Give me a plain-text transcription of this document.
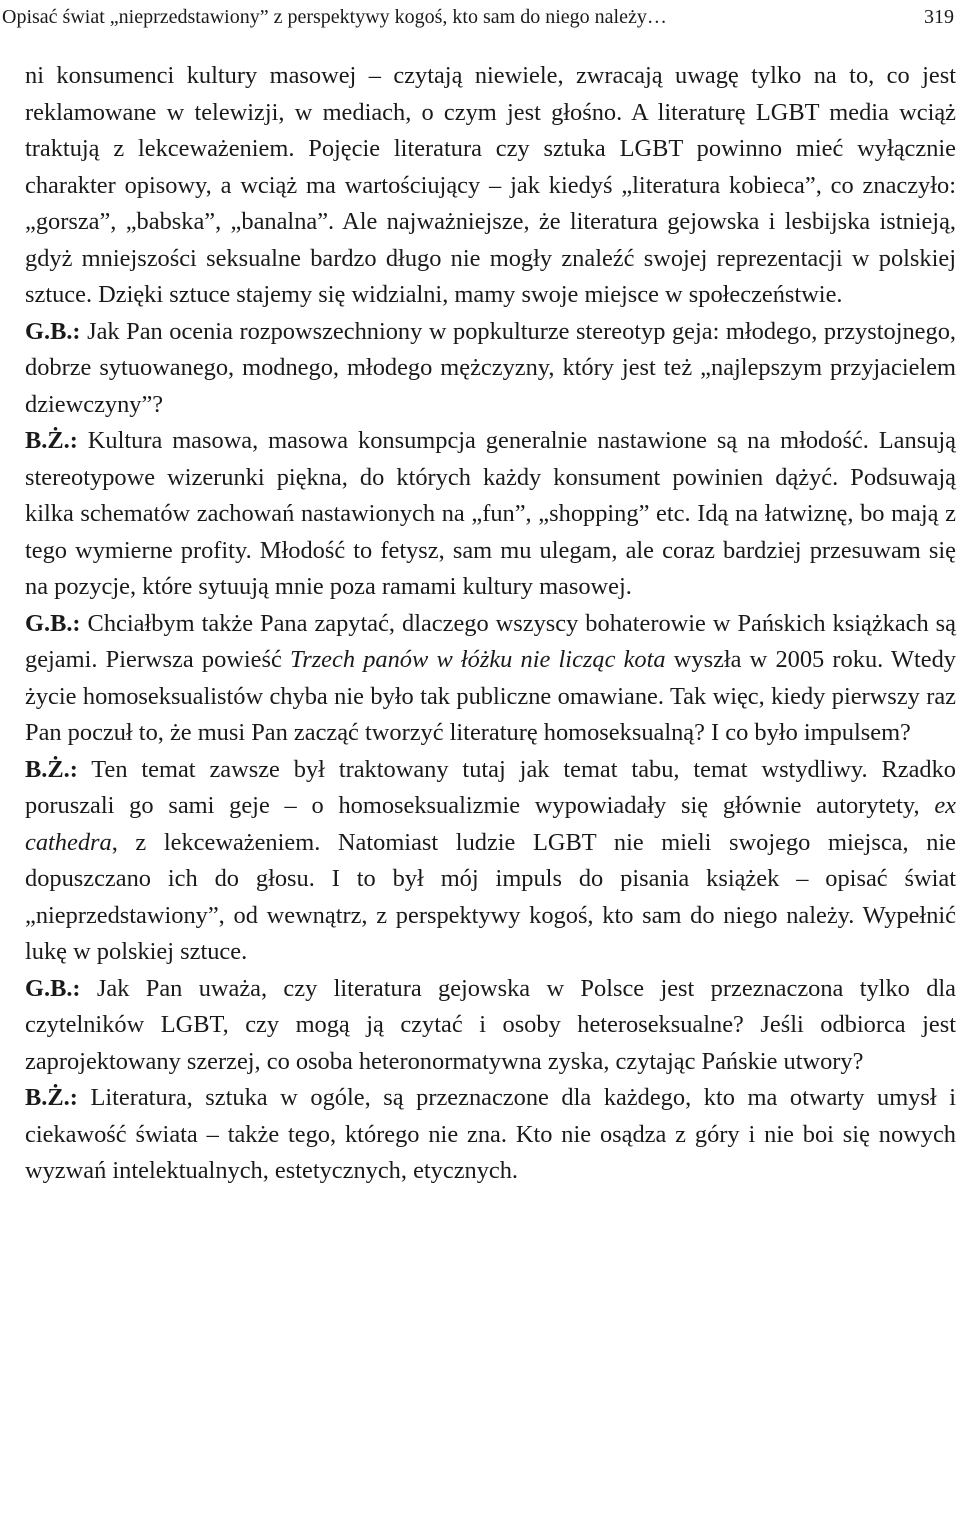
Opisać świat „nieprzedstawiony” z perspektywy kogoś, kto sam do niego należy…	319

ni konsumenci kultury masowej – czytają niewiele, zwracają uwagę tylko na to, co jest reklamowane w telewizji, w mediach, o czym jest głośno. A literaturę LGBT media wciąż traktują z lekceważeniem. Pojęcie literatura czy sztuka LGBT powinno mieć wyłącznie charakter opisowy, a wciąż ma wartościujący – jak kiedyś „literatura kobieca”, co znaczyło: „gorsza”, „babska”, „banalna”. Ale najważniejsze, że literatura gejowska i lesbijska istnieją, gdyż mniejszości seksualne bardzo długo nie mogły znaleźć swojej reprezentacji w polskiej sztuce. Dzięki sztuce stajemy się widzialni, mamy swoje miejsce w społeczeństwie.

G.B.: Jak Pan ocenia rozpowszechniony w popkulturze stereotyp geja: młodego, przystojnego, dobrze sytuowanego, modnego, młodego mężczyzny, który jest też „najlepszym przyjacielem dziewczyny”?

B.Ż.: Kultura masowa, masowa konsumpcja generalnie nastawione są na młodość. Lansują stereotypowe wizerunki piękna, do których każdy konsument powinien dążyć. Podsuwają kilka schematów zachowań nastawionych na „fun”, „shopping” etc. Idą na łatwiznę, bo mają z tego wymierne profity. Młodość to fetysz, sam mu ulegam, ale coraz bardziej przesuwam się na pozycje, które sytuują mnie poza ramami kultury masowej.

G.B.: Chciałbym także Pana zapytać, dlaczego wszyscy bohaterowie w Pańskich książkach są gejami. Pierwsza powieść Trzech panów w łóżku nie licząc kota wyszła w 2005 roku. Wtedy życie homoseksualistów chyba nie było tak publiczne omawiane. Tak więc, kiedy pierwszy raz Pan poczuł to, że musi Pan zacząć tworzyć literaturę homoseksualną? I co było impulsem?

B.Ż.: Ten temat zawsze był traktowany tutaj jak temat tabu, temat wstydliwy. Rzadko poruszali go sami geje – o homoseksualizmie wypowiadały się głównie autorytety, ex cathedra, z lekceważeniem. Natomiast ludzie LGBT nie mieli swojego miejsca, nie dopuszczano ich do głosu. I to był mój impuls do pisania książek – opisać świat „nieprzedstawiony”, od wewnątrz, z perspektywy kogoś, kto sam do niego należy. Wypełnić lukę w polskiej sztuce.

G.B.: Jak Pan uważa, czy literatura gejowska w Polsce jest przeznaczona tylko dla czytelników LGBT, czy mogą ją czytać i osoby heteroseksualne? Jeśli odbiorca jest zaprojektowany szerzej, co osoba heteronormatywna zyska, czytając Pańskie utwory?

B.Ż.: Literatura, sztuka w ogóle, są przeznaczone dla każdego, kto ma otwarty umysł i ciekawość świata – także tego, którego nie zna. Kto nie osądza z góry i nie boi się nowych wyzwań intelektualnych, estetycznych, etycznych.
